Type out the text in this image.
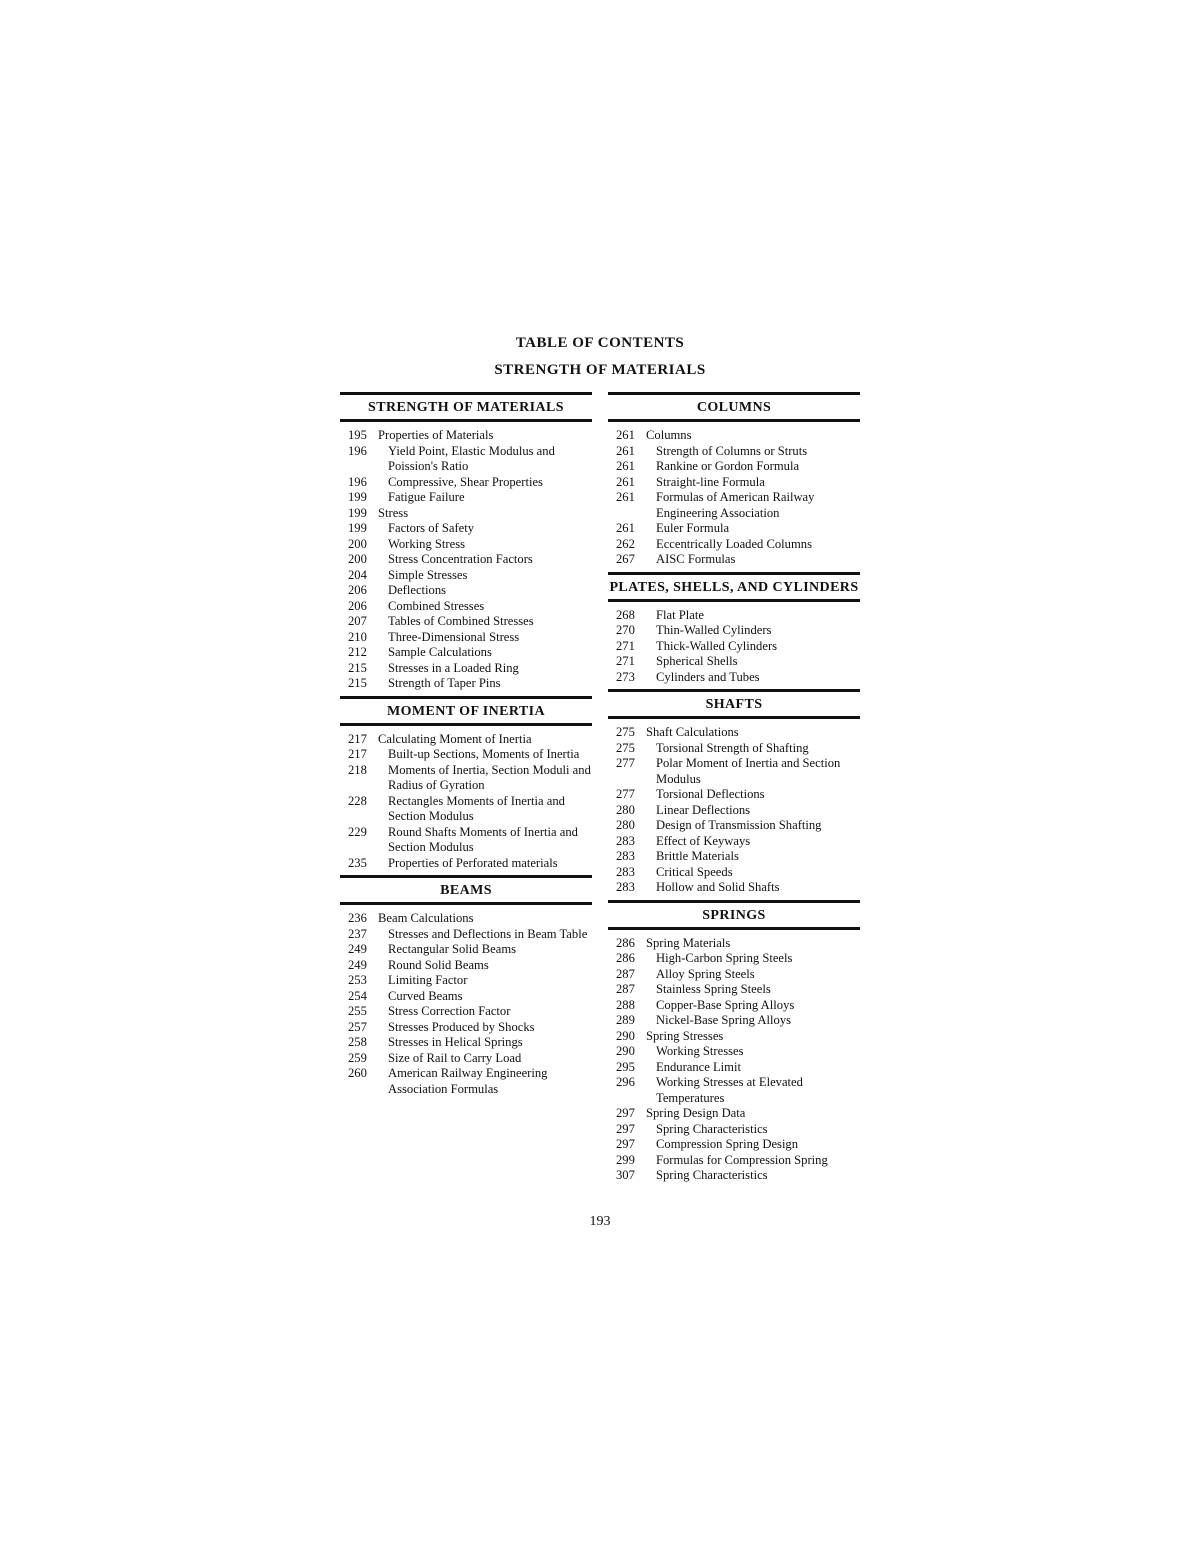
TABLE OF CONTENTS
STRENGTH OF MATERIALS
STRENGTH OF MATERIALS
195 Properties of Materials
196	Yield Point, Elastic Modulus and Poission's Ratio
196	Compressive, Shear Properties
199	Fatigue Failure
199 Stress
199	Factors of Safety
200	Working Stress
200	Stress Concentration Factors
204	Simple Stresses
206	Deflections
206	Combined Stresses
207	Tables of Combined Stresses
210	Three-Dimensional Stress
212	Sample Calculations
215	Stresses in a Loaded Ring
215	Strength of Taper Pins
MOMENT OF INERTIA
217 Calculating Moment of Inertia
217	Built-up Sections, Moments of Inertia
218	Moments of Inertia, Section Moduli and Radius of Gyration
228	Rectangles Moments of Inertia and Section Modulus
229	Round Shafts Moments of Inertia and Section Modulus
235	Properties of Perforated materials
BEAMS
236 Beam Calculations
237	Stresses and Deflections in Beam Table
249	Rectangular Solid Beams
249	Round Solid Beams
253	Limiting Factor
254	Curved Beams
255	Stress Correction Factor
257	Stresses Produced by Shocks
258	Stresses in Helical Springs
259	Size of Rail to Carry Load
260	American Railway Engineering Association Formulas
COLUMNS
261 Columns
261	Strength of Columns or Struts
261	Rankine or Gordon Formula
261	Straight-line Formula
261	Formulas of American Railway Engineering Association
261	Euler Formula
262	Eccentrically Loaded Columns
267	AISC Formulas
PLATES, SHELLS, AND CYLINDERS
268	Flat Plate
270	Thin-Walled Cylinders
271	Thick-Walled Cylinders
271	Spherical Shells
273	Cylinders and Tubes
SHAFTS
275 Shaft Calculations
275	Torsional Strength of Shafting
277	Polar Moment of Inertia and Section Modulus
277	Torsional Deflections
280	Linear Deflections
280	Design of Transmission Shafting
283	Effect of Keyways
283	Brittle Materials
283	Critical Speeds
283	Hollow and Solid Shafts
SPRINGS
286 Spring Materials
286	High-Carbon Spring Steels
287	Alloy Spring Steels
287	Stainless Spring Steels
288	Copper-Base Spring Alloys
289	Nickel-Base Spring Alloys
290 Spring Stresses
290	Working Stresses
295	Endurance Limit
296	Working Stresses at Elevated Temperatures
297 Spring Design Data
297	Spring Characteristics
297	Compression Spring Design
299	Formulas for Compression Spring
307	Spring Characteristics
193
